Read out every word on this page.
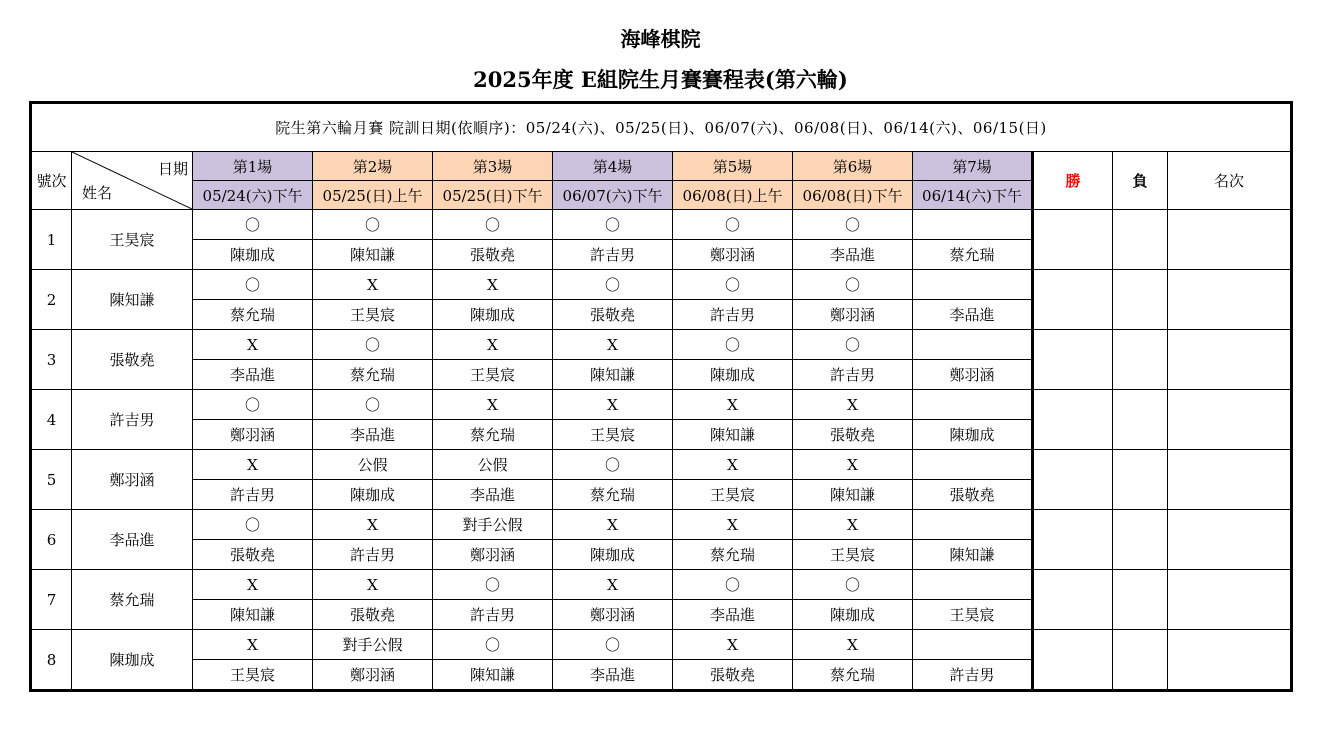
海峰棋院
2025年度 E組院生月賽賽程表(第六輪)
院生第六輪月賽 院訓日期(依順序)：05/24(六)、05/25(日)、06/07(六)、06/08(日)、06/14(六)、06/15(日)											
號次	日期
姓名	第1場	第2場	第3場	第4場	第5場	第6場	第7場	勝	負	名次
		05/24(六)下午	05/25(日)上午	05/25(日)下午	06/07(六)下午	06/08(日)上午	06/08(日)下午	06/14(六)下午			
1	王昊宸	〇	〇	〇	〇	〇	〇				
		陳珈成	陳知謙	張敬堯	許吉男	鄭羽涵	李品進	蔡允瑞			
2	陳知謙	〇	X	X	〇	〇	〇				
		蔡允瑞	王昊宸	陳珈成	張敬堯	許吉男	鄭羽涵	李品進			
3	張敬堯	X	〇	X	X	〇	〇				
		李品進	蔡允瑞	王昊宸	陳知謙	陳珈成	許吉男	鄭羽涵			
4	許吉男	〇	〇	X	X	X	X				
		鄭羽涵	李品進	蔡允瑞	王昊宸	陳知謙	張敬堯	陳珈成			
5	鄭羽涵	X	公假	公假	〇	X	X				
		許吉男	陳珈成	李品進	蔡允瑞	王昊宸	陳知謙	張敬堯			
6	李品進	〇	X	對手公假	X	X	X				
		張敬堯	許吉男	鄭羽涵	陳珈成	蔡允瑞	王昊宸	陳知謙			
7	蔡允瑞	X	X	〇	X	〇	〇				
		陳知謙	張敬堯	許吉男	鄭羽涵	李品進	陳珈成	王昊宸			
8	陳珈成	X	對手公假	〇	〇	X	X				
		王昊宸	鄭羽涵	陳知謙	李品進	張敬堯	蔡允瑞	許吉男			
